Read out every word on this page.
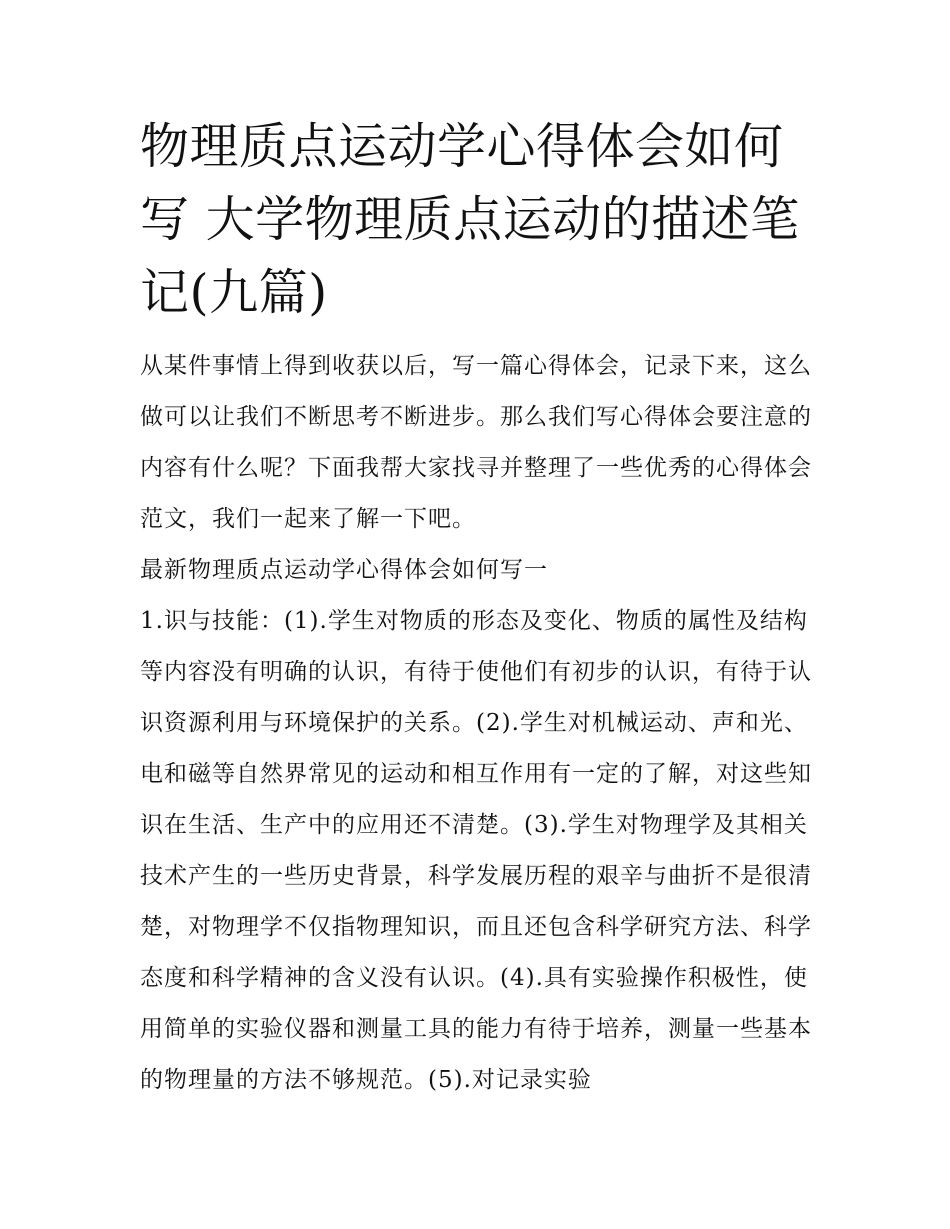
物理质点运动学心得体会如何写 大学物理质点运动的描述笔记(九篇)

从某件事情上得到收获以后，写一篇心得体会，记录下来，这么做可以让我们不断思考不断进步。那么我们写心得体会要注意的内容有什么呢？下面我帮大家找寻并整理了一些优秀的心得体会范文，我们一起来了解一下吧。

最新物理质点运动学心得体会如何写一

1.识与技能：(1).学生对物质的形态及变化、物质的属性及结构等内容没有明确的认识，有待于使他们有初步的认识，有待于认识资源利用与环境保护的关系。(2).学生对机械运动、声和光、电和磁等自然界常见的运动和相互作用有一定的了解，对这些知识在生活、生产中的应用还不清楚。(3).学生对物理学及其相关技术产生的一些历史背景，科学发展历程的艰辛与曲折不是很清楚，对物理学不仅指物理知识，而且还包含科学研究方法、科学态度和科学精神的含义没有认识。(4).具有实验操作积极性，使用简单的实验仪器和测量工具的能力有待于培养，测量一些基本的物理量的方法不够规范。(5).对记录实验
